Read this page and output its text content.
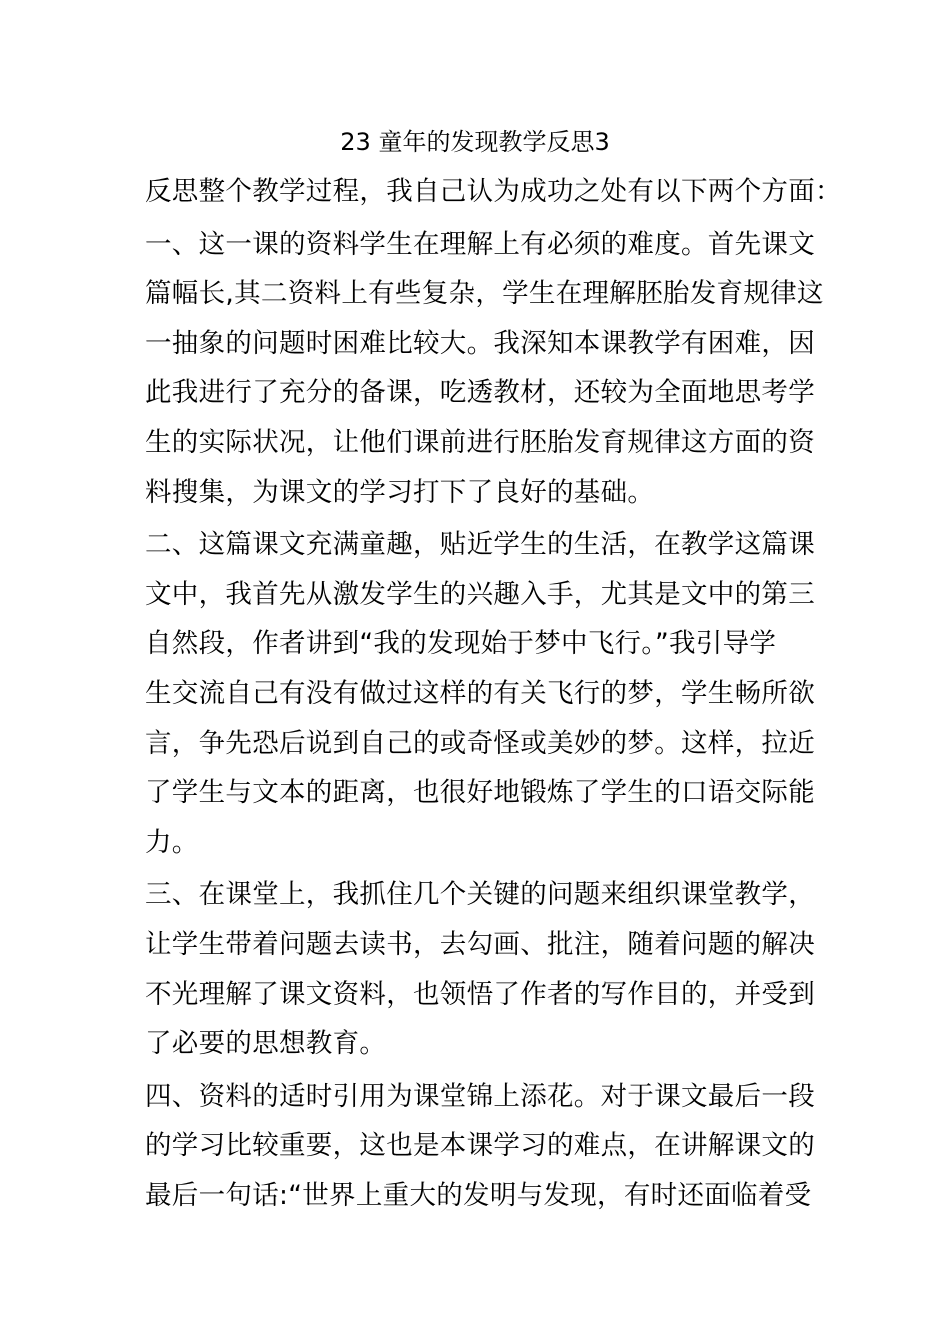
23 童年的发现教学反思3
反思整个教学过程，我自己认为成功之处有以下两个方面：
一、这一课的资料学生在理解上有必须的难度。首先课文
篇幅长,其二资料上有些复杂，学生在理解胚胎发育规律这
一抽象的问题时困难比较大。我深知本课教学有困难，因
此我进行了充分的备课，吃透教材，还较为全面地思考学
生的实际状况，让他们课前进行胚胎发育规律这方面的资
料搜集，为课文的学习打下了良好的基础。
二、这篇课文充满童趣，贴近学生的生活，在教学这篇课
文中，我首先从激发学生的兴趣入手，尤其是文中的第三
自然段，作者讲到“我的发现始于梦中飞行。”我引导学
生交流自己有没有做过这样的有关飞行的梦，学生畅所欲
言，争先恐后说到自己的或奇怪或美妙的梦。这样，拉近
了学生与文本的距离，也很好地锻炼了学生的口语交际能
力。
三、在课堂上，我抓住几个关键的问题来组织课堂教学，
让学生带着问题去读书，去勾画、批注，随着问题的解决
不光理解了课文资料，也领悟了作者的写作目的，并受到
了必要的思想教育。
四、资料的适时引用为课堂锦上添花。对于课文最后一段
的学习比较重要，这也是本课学习的难点，在讲解课文的
最后一句话:“世界上重大的发明与发现，有时还面临着受
